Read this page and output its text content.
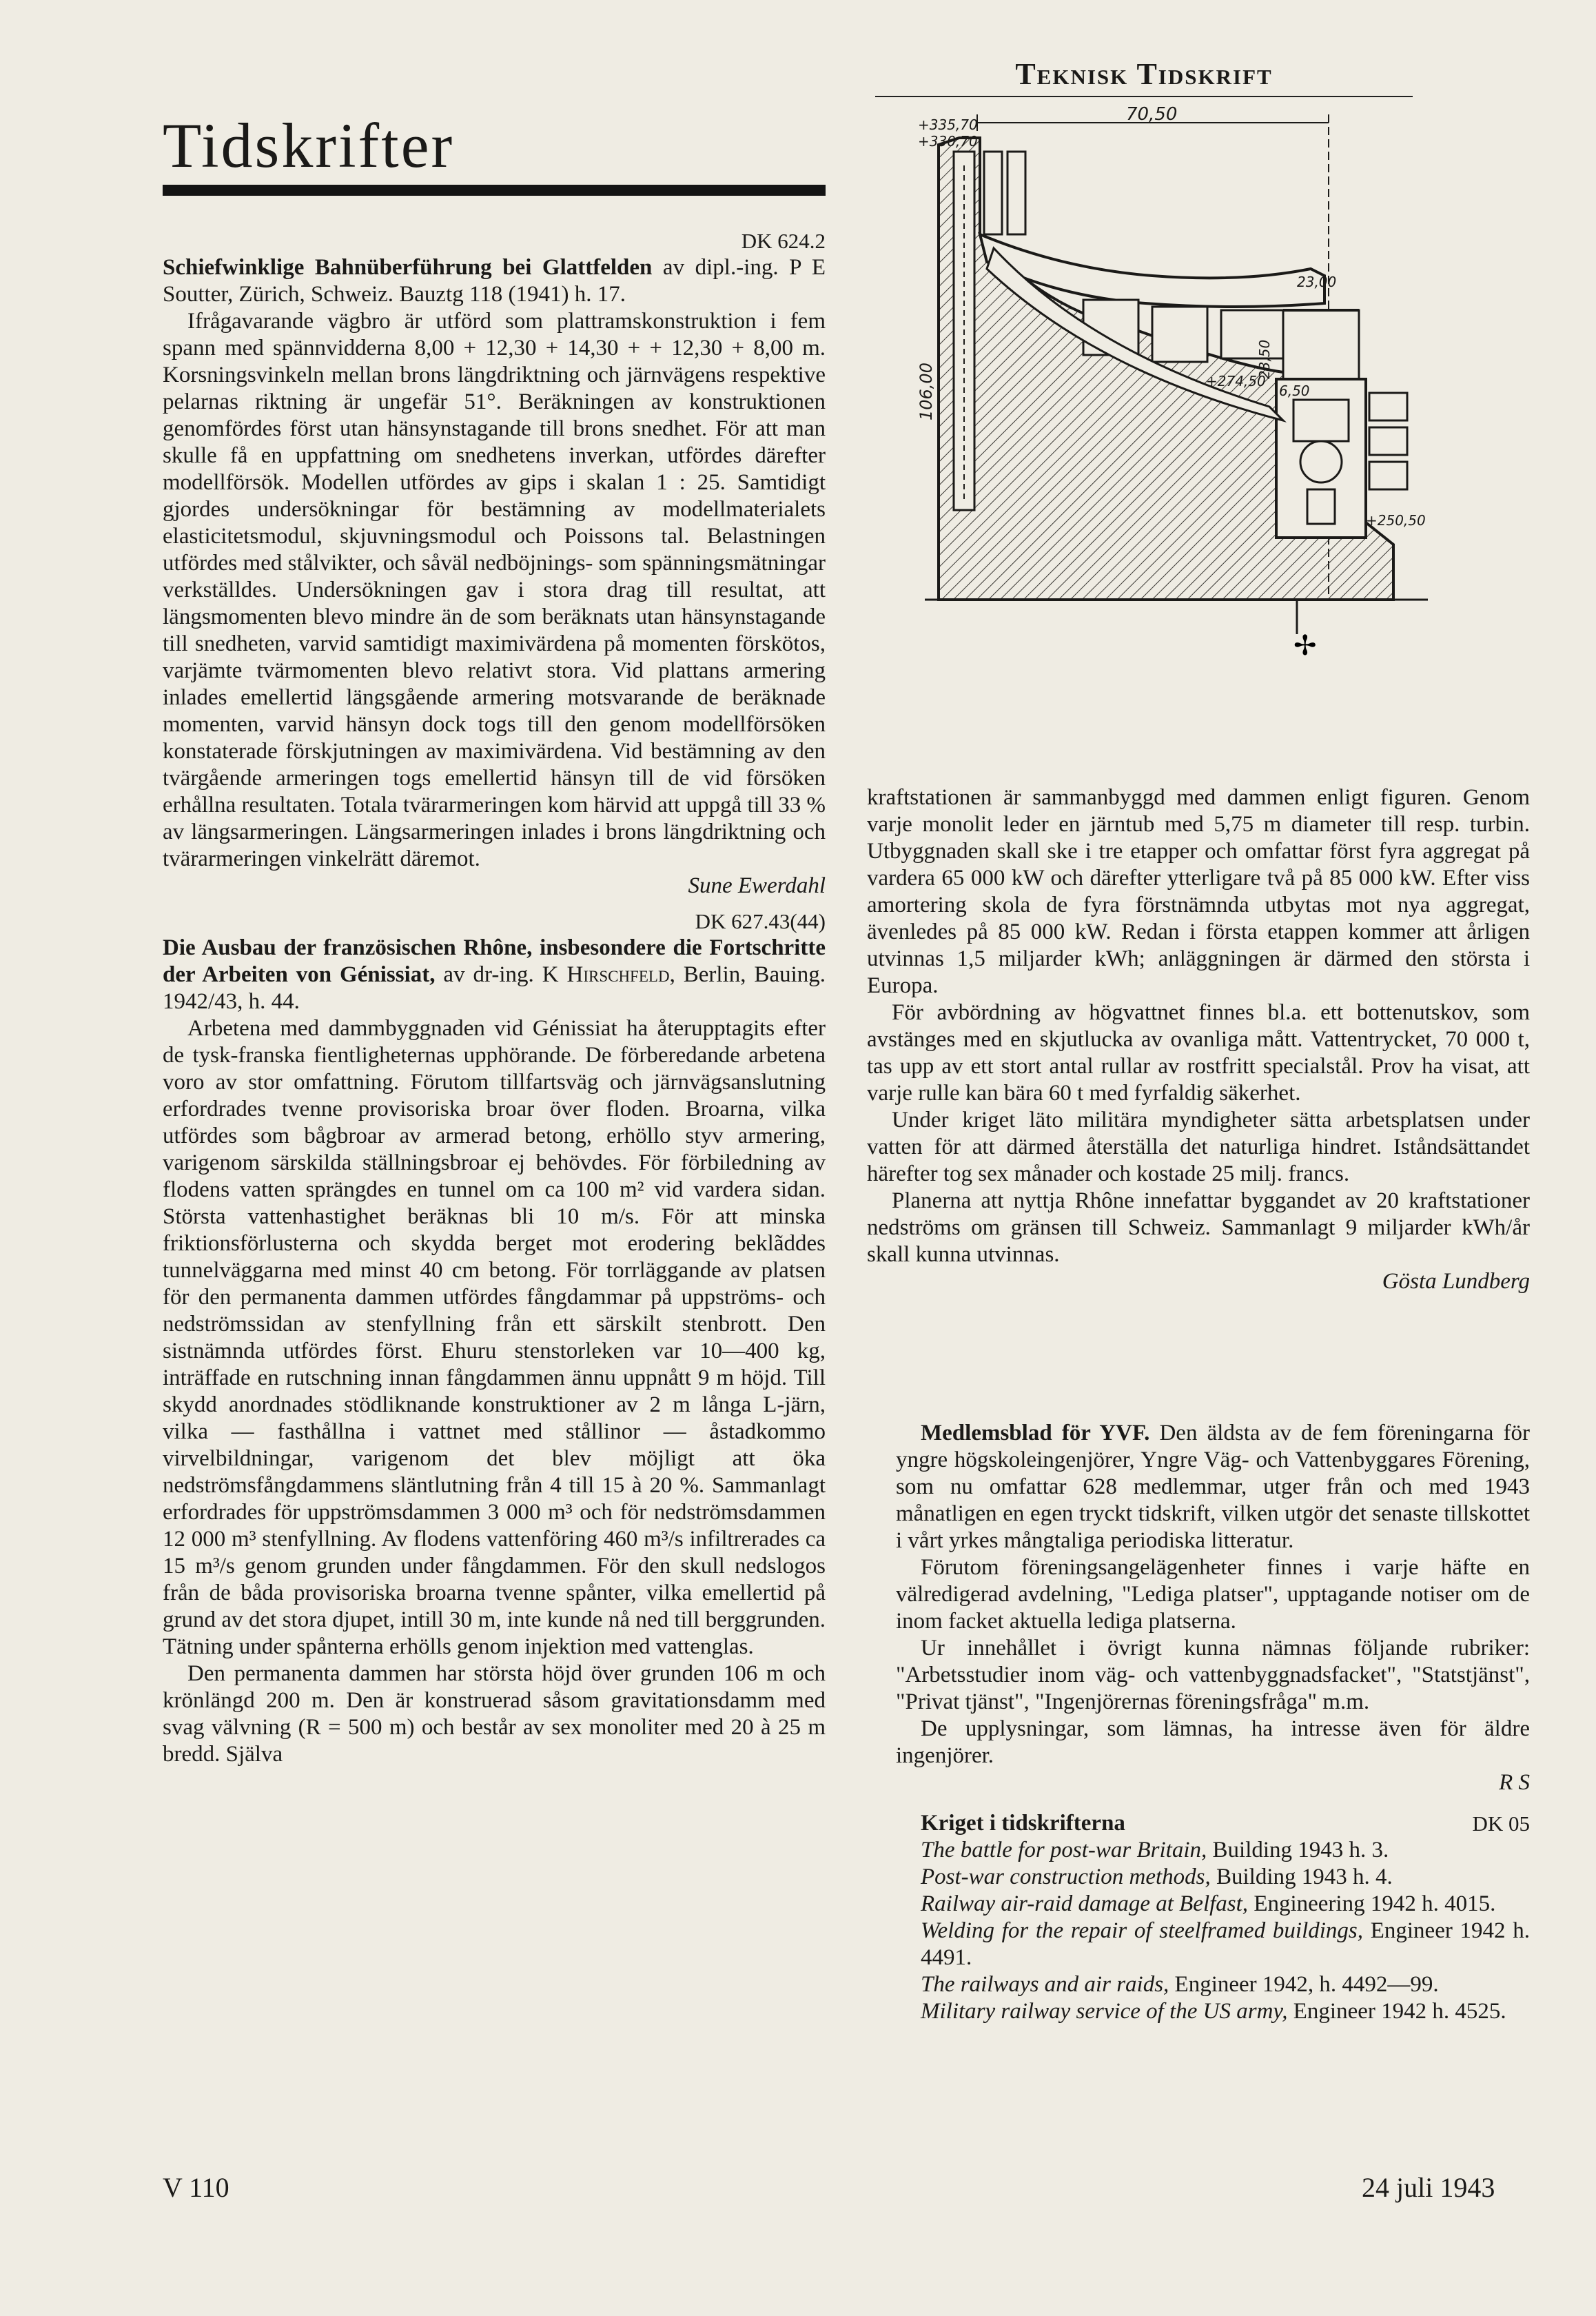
Teknisk Tidskrift
Tidskrifter

DK 624.2

Schiefwinklige Bahnüberführung bei Glattfelden av dipl.-ing. P E Soutter, Zürich, Schweiz. Bauztg 118 (1941) h. 17.

Ifrågavarande vägbro är utförd som plattramskonstruktion i fem spann med spännvidderna 8,00 + 12,30 + 14,30 + + 12,30 + 8,00 m. Korsningsvinkeln mellan brons längdriktning och järnvägens respektive pelarnas riktning är ungefär 51°. Beräkningen av konstruktionen genomfördes först utan hänsynstagande till brons snedhet. För att man skulle få en uppfattning om snedhetens inverkan, utfördes därefter modellförsök. Modellen utfördes av gips i skalan 1 : 25. Samtidigt gjordes undersökningar för bestämning av modellmaterialets elasticitetsmodul, skjuvningsmodul och Poissons tal. Belastningen utfördes med stålvikter, och såväl nedböjnings- som spänningsmätningar verkställdes. Undersökningen gav i stora drag till resultat, att längsmomenten blevo mindre än de som beräknats utan hänsynstagande till snedheten, varvid samtidigt maximivärdena på momenten förskötos, varjämte tvärmomenten blevo relativt stora. Vid plattans armering inlades emellertid längsgående armering motsvarande de beräknade momenten, varvid hänsyn dock togs till den genom modellförsöken konstaterade förskjutningen av maximivärdena. Vid bestämning av den tvärgående armeringen togs emellertid hänsyn till de vid försöken erhållna resultaten. Totala tvärarmeringen kom härvid att uppgå till 33 % av längsarmeringen. Längsarmeringen inlades i brons längdriktning och tvärarmeringen vinkelrätt däremot.

Sune Ewerdahl

DK 627.43(44)

Die Ausbau der französischen Rhône, insbesondere die Fortschritte der Arbeiten von Génissiat, av dr-ing. K Hirschfeld, Berlin, Bauing. 1942/43, h. 44.

Arbetena med dammbyggnaden vid Génissiat ha återupptagits efter de tysk-franska fientligheternas upphörande. De förberedande arbetena voro av stor omfattning. Förutom tillfartsväg och järnvägsanslutning erfordrades tvenne provisoriska broar över floden. Broarna, vilka utfördes som bågbroar av armerad betong, erhöllo styv armering, varigenom särskilda ställningsbroar ej behövdes. För förbiledning av flodens vatten sprängdes en tunnel om ca 100 m² vid vardera sidan. Största vattenhastighet beräknas bli 10 m/s. För att minska friktionsförlusterna och skydda berget mot erodering beklãddes tunnelväggarna med minst 40 cm betong. För torrläggande av platsen för den permanenta dammen utfördes fångdammar på uppströms- och nedströmssidan av stenfyllning från ett särskilt stenbrott. Den sistnämnda utfördes först. Ehuru stenstorleken var 10—400 kg, inträffade en rutschning innan fångdammen ännu uppnått 9 m höjd. Till skydd anordnades stödliknande konstruktioner av 2 m långa L-järn, vilka — fasthållna i vattnet med stållinor — åstadkommo virvelbildningar, varigenom det blev möjligt att öka nedströmsfångdammens släntlutning från 4 till 15 à 20 %. Sammanlagt erfordrades för uppströmsdammen 3 000 m³ och för nedströmsdammen 12 000 m³ stenfyllning. Av flodens vattenföring 460 m³/s infiltrerades ca 15 m³/s genom grunden under fångdammen. För den skull nedslogos från de båda provisoriska broarna tvenne spånter, vilka emellertid på grund av det stora djupet, intill 30 m, inte kunde nå ned till berggrunden. Tätning under spånterna erhölls genom injektion med vattenglas.

Den permanenta dammen har största höjd över grunden 106 m och krönlängd 200 m. Den är konstruerad såsom gravitationsdamm med svag välvning (R = 500 m) och består av sex monoliter med 20 à 25 m bredd. Själva

70,50
✢
+335,70
+330,70
106,00
23,00
23,50
+274,50
6,50
+250,50

kraftstationen är sammanbyggd med dammen enligt figuren. Genom varje monolit leder en järntub med 5,75 m diameter till resp. turbin. Utbyggnaden skall ske i tre etapper och omfattar först fyra aggregat på vardera 65 000 kW och därefter ytterligare två på 85 000 kW. Efter viss amortering skola de fyra förstnämnda utbytas mot nya aggregat, ävenledes på 85 000 kW. Redan i första etappen kommer att årligen utvinnas 1,5 miljarder kWh; anläggningen är därmed den största i Europa.

För avbördning av högvattnet finnes bl.a. ett bottenutskov, som avstänges med en skjutlucka av ovanliga mått. Vattentrycket, 70 000 t, tas upp av ett stort antal rullar av rostfritt specialstål. Prov ha visat, att varje rulle kan bära 60 t med fyrfaldig säkerhet.

Under kriget läto militära myndigheter sätta arbetsplatsen under vatten för att därmed återställa det naturliga hindret. Iståndsättandet härefter tog sex månader och kostade 25 milj. francs.

Planerna att nyttja Rhône innefattar byggandet av 20 kraftstationer nedströms om gränsen till Schweiz. Sammanlagt 9 miljarder kWh/år skall kunna utvinnas.

Gösta Lundberg

Medlemsblad för YVF. Den äldsta av de fem föreningarna för yngre högskoleingenjörer, Yngre Väg- och Vattenbyggares Förening, som nu omfattar 628 medlemmar, utger från och med 1943 månatligen en egen tryckt tidskrift, vilken utgör det senaste tillskottet i vårt yrkes mångtaliga periodiska litteratur.

Förutom föreningsangelägenheter finnes i varje häfte en välredigerad avdelning, "Lediga platser", upptagande notiser om de inom facket aktuella lediga platserna.

Ur innehållet i övrigt kunna nämnas följande rubriker: "Arbetsstudier inom väg- och vattenbyggnadsfacket", "Statstjänst", "Privat tjänst", "Ingenjörernas föreningsfråga" m.m.

De upplysningar, som lämnas, ha intresse även för äldre ingenjörer.

R S

Kriget i tidskrifterna	DK 05

The battle for post-war Britain, Building 1943 h. 3.

Post-war construction methods, Building 1943 h. 4.

Railway air-raid damage at Belfast, Engineering 1942 h. 4015.

Welding for the repair of steelframed buildings, Engineer 1942 h. 4491.

The railways and air raids, Engineer 1942, h. 4492—99.

Military railway service of the US army, Engineer 1942 h. 4525.

V 110	24 juli 1943
